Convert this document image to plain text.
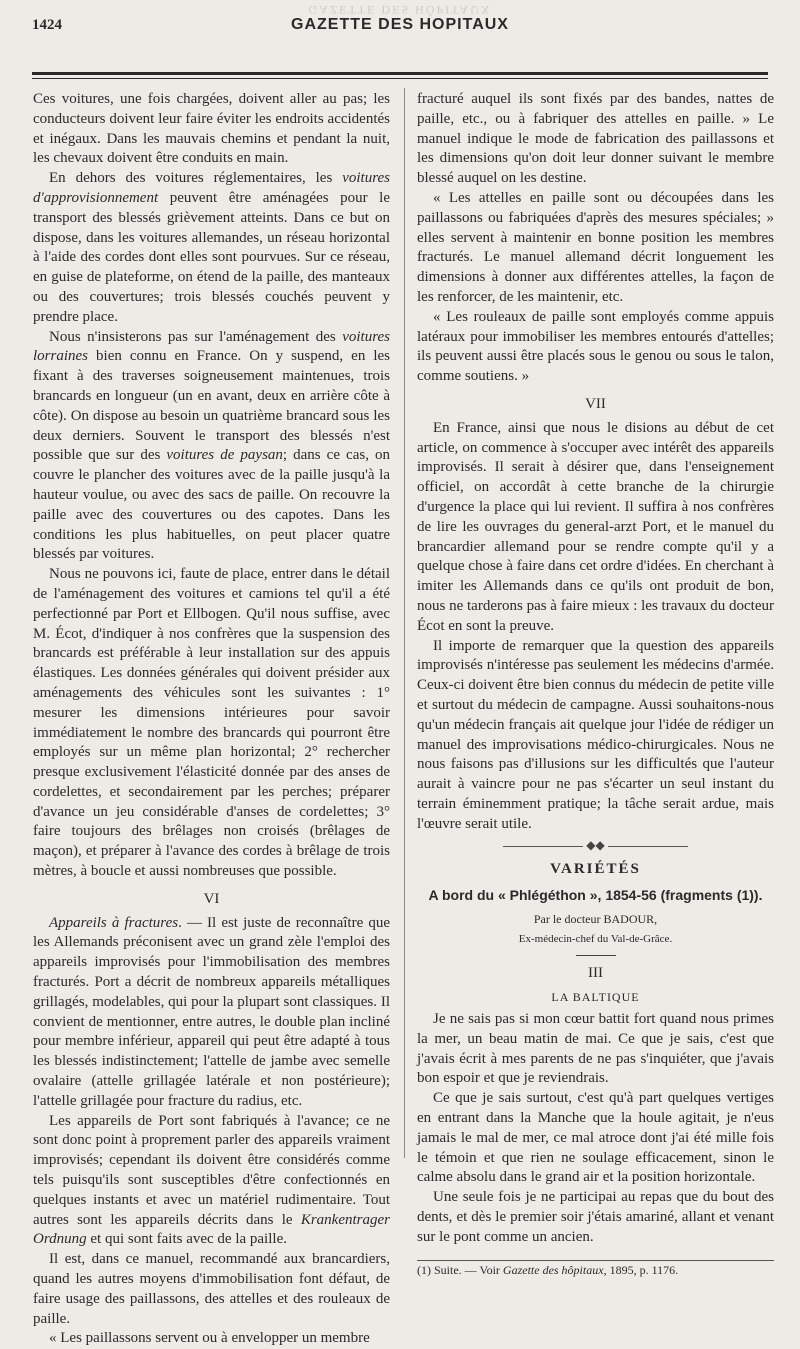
GAZETTE DES HÔPITAUX
1424	GAZETTE DES HOPITAUX

Ces voitures, une fois chargées, doivent aller au pas; les conducteurs doivent leur faire éviter les endroits accidentés et inégaux. Dans les mauvais chemins et pendant la nuit, les chevaux doivent être conduits en main.

En dehors des voitures réglementaires, les voitures d'approvisionnement peuvent être aménagées pour le transport des blessés grièvement atteints. Dans ce but on dispose, dans les voitures allemandes, un réseau horizontal à l'aide des cordes dont elles sont pourvues. Sur ce réseau, en guise de plateforme, on étend de la paille, des manteaux ou des couvertures; trois blessés couchés peuvent y prendre place.

Nous n'insisterons pas sur l'aménagement des voitures lorraines bien connu en France. On y suspend, en les fixant à des traverses soigneusement maintenues, trois brancards en longueur (un en avant, deux en arrière côte à côte). On dispose au besoin un quatrième brancard sous les deux derniers. Souvent le transport des blessés n'est possible que sur des voitures de paysan; dans ce cas, on couvre le plancher des voitures avec de la paille jusqu'à la hauteur voulue, ou avec des sacs de paille. On recouvre la paille avec des couvertures ou des capotes. Dans les conditions les plus habituelles, on peut placer quatre blessés par voitures.

Nous ne pouvons ici, faute de place, entrer dans le détail de l'aménagement des voitures et camions tel qu'il a été perfectionné par Port et Ellbogen. Qu'il nous suffise, avec M. Écot, d'indiquer à nos confrères que la suspension des brancards est préférable à leur installation sur des appuis élastiques. Les données générales qui doivent présider aux aménagements des véhicules sont les suivantes : 1° mesurer les dimensions intérieures pour savoir immédiatement le nombre des brancards qui pourront être employés sur un même plan horizontal; 2° rechercher presque exclusivement l'élasticité donnée par des anses de cordelettes, et secondairement par les perches; préparer d'avance un jeu considérable d'anses de cordelettes; 3° faire toujours des brêlages non croisés (brêlages de maçon), et préparer à l'avance des cordes à brêlage de trois mètres, à boucle et aussi nombreuses que possible.

VI

Appareils à fractures. — Il est juste de reconnaître que les Allemands préconisent avec un grand zèle l'emploi des appareils improvisés pour l'immobilisation des membres fracturés. Port a décrit de nombreux appareils métalliques grillagés, modelables, qui pour la plupart sont classiques. Il convient de mentionner, entre autres, le double plan incliné pour membre inférieur, appareil qui peut être adapté à tous les blessés indistinctement; l'attelle de jambe avec semelle ovalaire (attelle grillagée latérale et non postérieure); l'attelle grillagée pour fracture du radius, etc.

Les appareils de Port sont fabriqués à l'avance; ce ne sont donc point à proprement parler des appareils vraiment improvisés; cependant ils doivent être considérés comme tels puisqu'ils sont susceptibles d'être confectionnés en quelques instants et avec un matériel rudimentaire. Tout autres sont les appareils décrits dans le Krankentrager Ordnung et qui sont faits avec de la paille.

Il est, dans ce manuel, recommandé aux brancardiers, quand les autres moyens d'immobilisation font défaut, de faire usage des paillassons, des attelles et des rouleaux de paille.

« Les paillassons servent ou à envelopper un membre

fracturé auquel ils sont fixés par des bandes, nattes de paille, etc., ou à fabriquer des attelles en paille. » Le manuel indique le mode de fabrication des paillassons et les dimensions qu'on doit leur donner suivant le membre blessé auquel on les destine.

« Les attelles en paille sont ou découpées dans les paillassons ou fabriquées d'après des mesures spéciales; » elles servent à maintenir en bonne position les membres fracturés. Le manuel allemand décrit longuement les dimensions à donner aux différentes attelles, la façon de les renforcer, de les maintenir, etc.

« Les rouleaux de paille sont employés comme appuis latéraux pour immobiliser les membres entourés d'attelles; ils peuvent aussi être placés sous le genou ou sous le talon, comme soutiens. »

VII

En France, ainsi que nous le disions au début de cet article, on commence à s'occuper avec intérêt des appareils improvisés. Il serait à désirer que, dans l'enseignement officiel, on accordât à cette branche de la chirurgie d'urgence la place qui lui revient. Il suffira à nos confrères de lire les ouvrages du general-arzt Port, et le manuel du brancardier allemand pour se rendre compte qu'il y a quelque chose à faire dans cet ordre d'idées. En cherchant à imiter les Allemands dans ce qu'ils ont produit de bon, nous ne tarderons pas à faire mieux : les travaux du docteur Écot en sont la preuve.

Il importe de remarquer que la question des appareils improvisés n'intéresse pas seulement les médecins d'armée. Ceux-ci doivent être bien connus du médecin de petite ville et surtout du médecin de campagne. Aussi souhaitons-nous qu'un médecin français ait quelque jour l'idée de rédiger un manuel des improvisations médico-chirurgicales. Nous ne nous faisons pas d'illusions sur les difficultés que l'auteur aurait à vaincre pour ne pas s'écarter un seul instant du terrain éminemment pratique; la tâche serait ardue, mais l'œuvre serait utile.

◆◆
VARIÉTÉS
A bord du « Phlégéthon », 1854-56 (fragments (1)).
Par le docteur BADOUR,
Ex-médecin-chef du Val-de-Grâce.
III
LA BALTIQUE

Je ne sais pas si mon cœur battit fort quand nous primes la mer, un beau matin de mai. Ce que je sais, c'est que j'avais écrit à mes parents de ne pas s'inquiéter, que j'avais bon espoir et que je reviendrais.

Ce que je sais surtout, c'est qu'à part quelques vertiges en entrant dans la Manche que la houle agitait, je n'eus jamais le mal de mer, ce mal atroce dont j'ai été mille fois le témoin et que rien ne soulage efficacement, sinon le calme absolu dans le grand air et la position horizontale.

Une seule fois je ne participai au repas que du bout des dents, et dès le premier soir j'étais amariné, allant et venant sur le pont comme un ancien.

(1) Suite. — Voir Gazette des hôpitaux, 1895, p. 1176.
